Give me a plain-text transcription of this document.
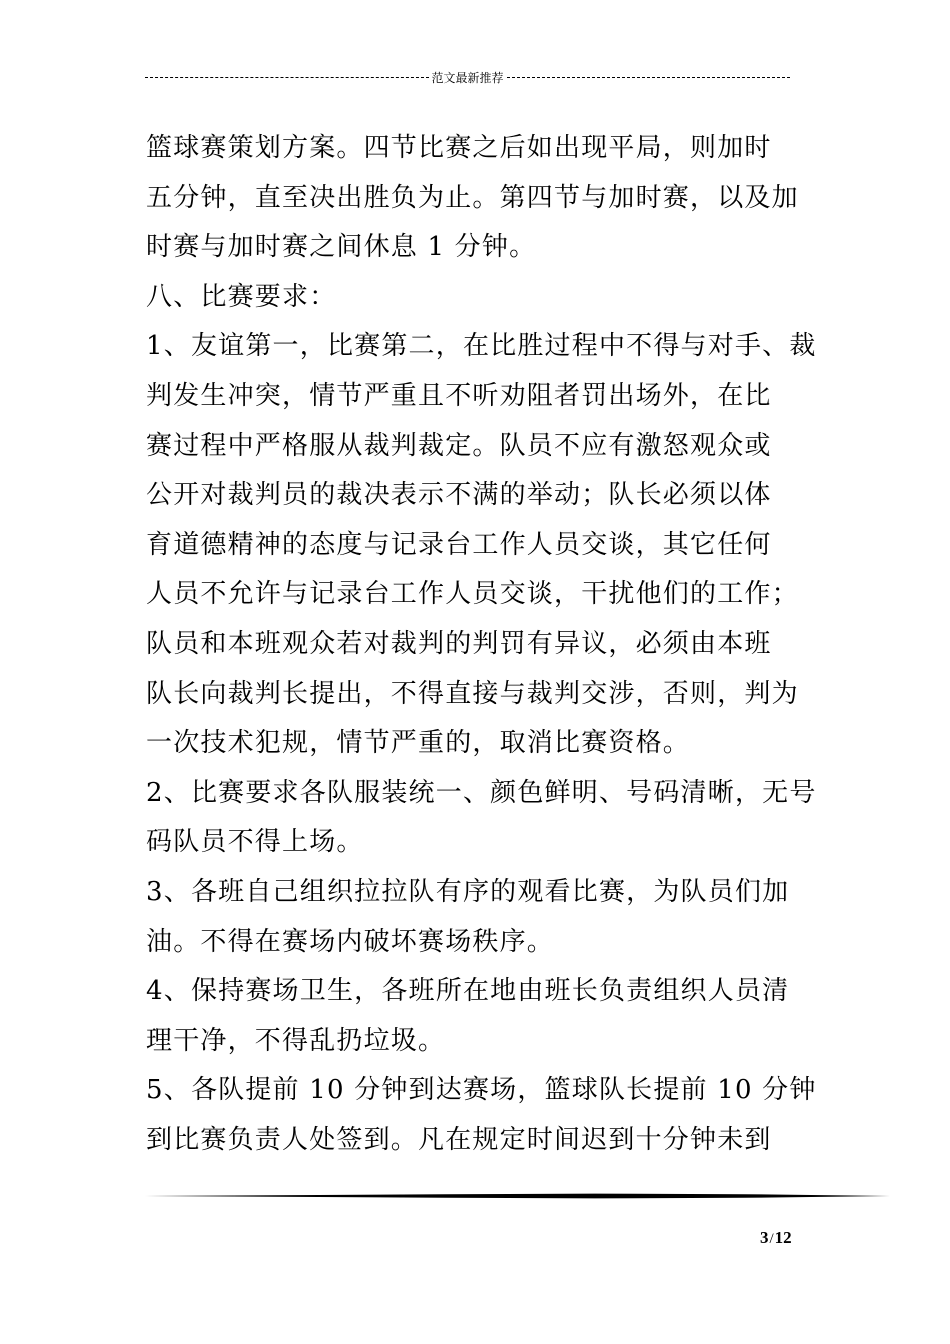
范文最新推荐
篮球赛策划方案。四节比赛之后如出现平局，则加时
五分钟，直至决出胜负为止。第四节与加时赛，以及加
时赛与加时赛之间休息 1 分钟。
八、比赛要求：
1、友谊第一，比赛第二，在比胜过程中不得与对手、裁
判发生冲突，情节严重且不听劝阻者罚出场外，在比
赛过程中严格服从裁判裁定。队员不应有激怒观众或
公开对裁判员的裁决表示不满的举动；队长必须以体
育道德精神的态度与记录台工作人员交谈，其它任何
人员不允许与记录台工作人员交谈，干扰他们的工作；
队员和本班观众若对裁判的判罚有异议，必须由本班
队长向裁判长提出，不得直接与裁判交涉，否则，判为
一次技术犯规，情节严重的，取消比赛资格。
2、比赛要求各队服装统一、颜色鲜明、号码清晰，无号
码队员不得上场。
3、各班自己组织拉拉队有序的观看比赛，为队员们加
油。不得在赛场内破坏赛场秩序。
4、保持赛场卫生，各班所在地由班长负责组织人员清
理干净，不得乱扔垃圾。
5、各队提前 10 分钟到达赛场，篮球队长提前 10 分钟
到比赛负责人处签到。凡在规定时间迟到十分钟未到
3/12
